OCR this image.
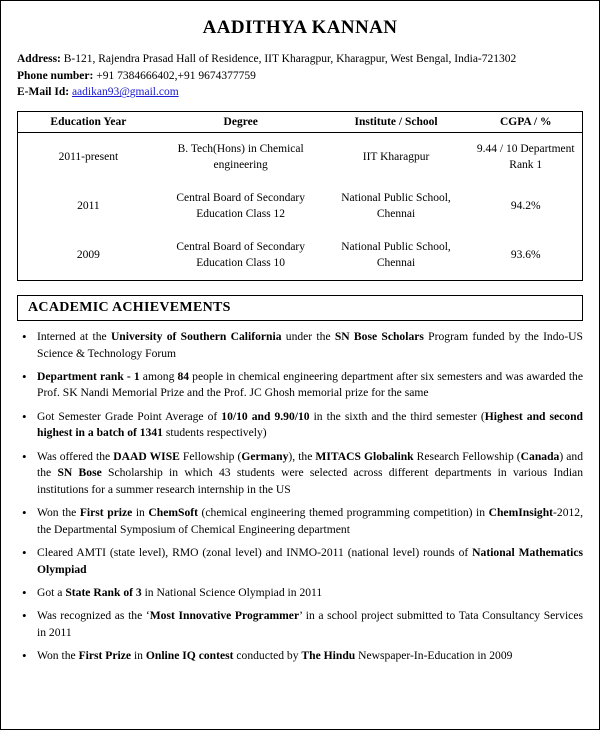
AADITHYA KANNAN
Address: B-121, Rajendra Prasad Hall of Residence, IIT Kharagpur, Kharagpur, West Bengal, India-721302
Phone number: +91 7384666402,+91 9674377759
E-Mail Id: aadikan93@gmail.com
Education Year	Degree	Institute / School	CGPA / %
2011-present	B. Tech(Hons) in Chemical engineering	IIT Kharagpur	9.44 / 10 Department Rank 1
2011	Central Board of Secondary Education Class 12	National Public School, Chennai	94.2%
2009	Central Board of Secondary Education Class 10	National Public School, Chennai	93.6%
ACADEMIC ACHIEVEMENTS
• Interned at the University of Southern California under the SN Bose Scholars Program funded by the Indo-US Science & Technology Forum
• Department rank - 1 among 84 people in chemical engineering department after six semesters and was awarded the Prof. SK Nandi Memorial Prize and the Prof. JC Ghosh memorial prize for the same
• Got Semester Grade Point Average of 10/10 and 9.90/10 in the sixth and the third semester (Highest and second highest in a batch of 1341 students respectively)
• Was offered the DAAD WISE Fellowship (Germany), the MITACS Globalink Research Fellowship (Canada) and the SN Bose Scholarship in which 43 students were selected across different departments in various Indian institutions for a summer research internship in the US
• Won the First prize in ChemSoft (chemical engineering themed programming competition) in ChemInsight-2012, the Departmental Symposium of Chemical Engineering department
• Cleared AMTI (state level), RMO (zonal level) and INMO-2011 (national level) rounds of National Mathematics Olympiad
• Got a State Rank of 3 in National Science Olympiad in 2011
• Was recognized as the ‘Most Innovative Programmer’ in a school project submitted to Tata Consultancy Services in 2011
• Won the First Prize in Online IQ contest conducted by The Hindu Newspaper-In-Education in 2009
